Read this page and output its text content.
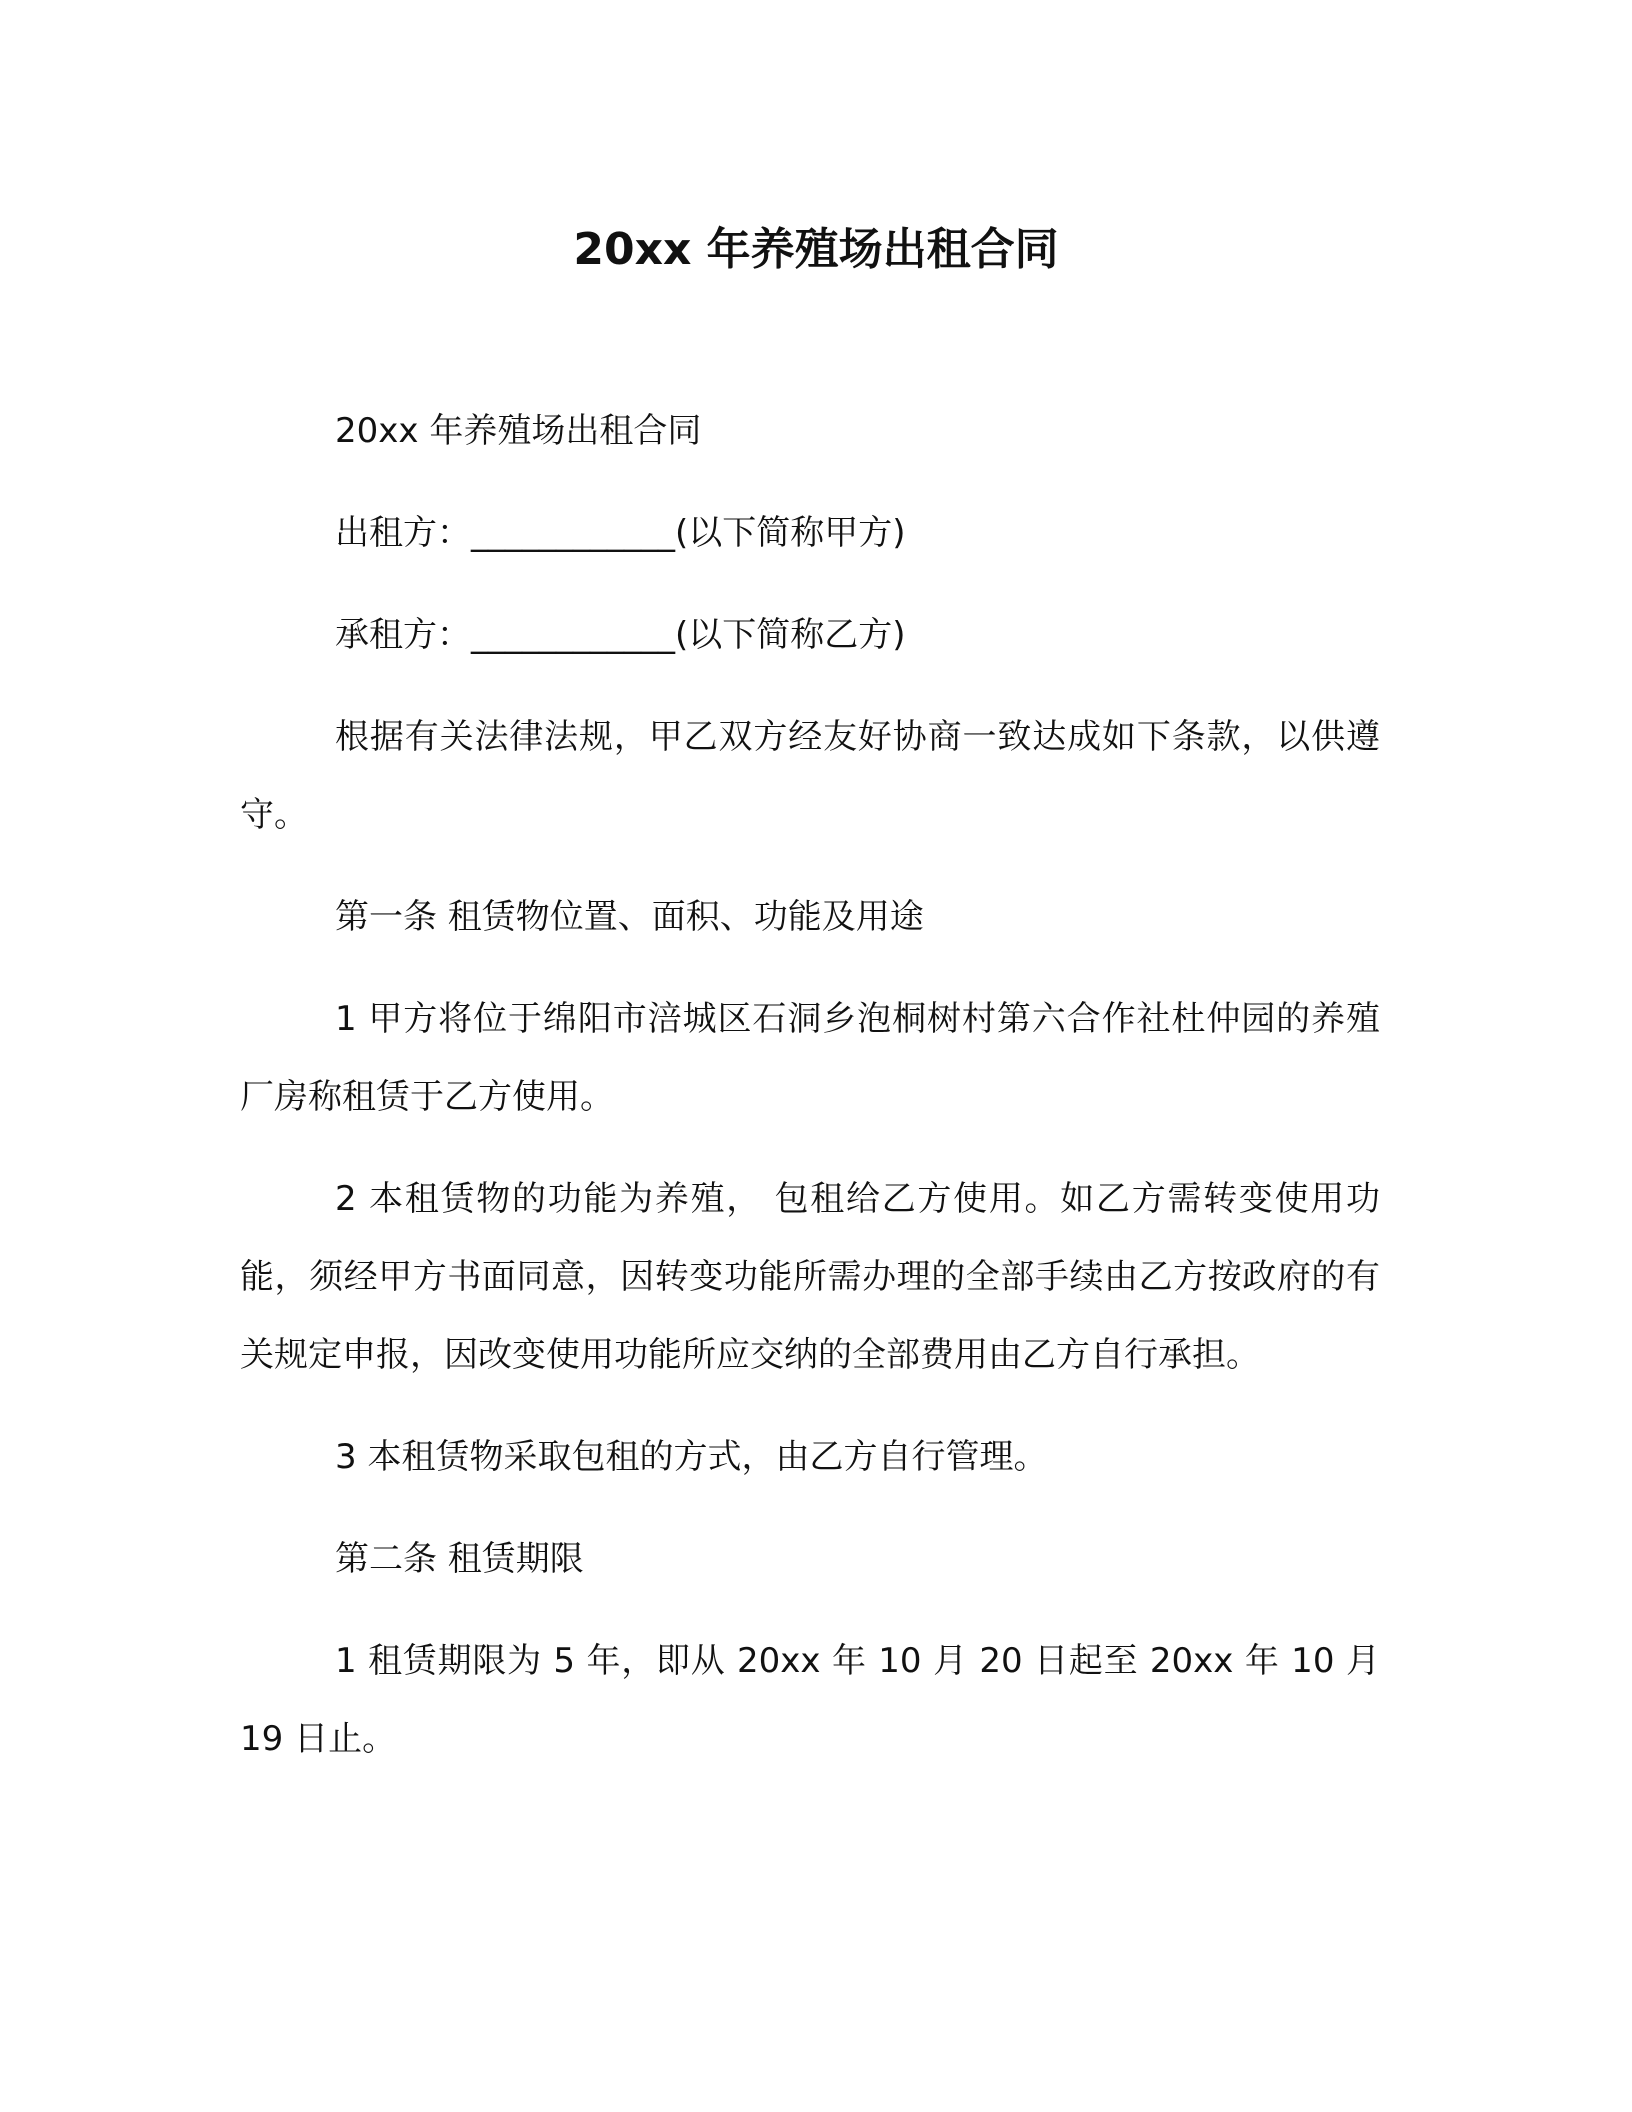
20xx 年养殖场出租合同

20xx 年养殖场出租合同

出租方：____________(以下简称甲方)

承租方：____________(以下简称乙方)

根据有关法律法规，甲乙双方经友好协商一致达成如下条款，以供遵守。

第一条 租赁物位置、面积、功能及用途

1 甲方将位于绵阳市涪城区石洞乡泡桐树村第六合作社杜仲园的养殖厂房称租赁于乙方使用。

2 本租赁物的功能为养殖， 包租给乙方使用。如乙方需转变使用功能，须经甲方书面同意，因转变功能所需办理的全部手续由乙方按政府的有关规定申报，因改变使用功能所应交纳的全部费用由乙方自行承担。

3 本租赁物采取包租的方式，由乙方自行管理。

第二条 租赁期限

1 租赁期限为 5 年，即从 20xx 年 10 月 20 日起至 20xx 年 10 月 19 日止。
